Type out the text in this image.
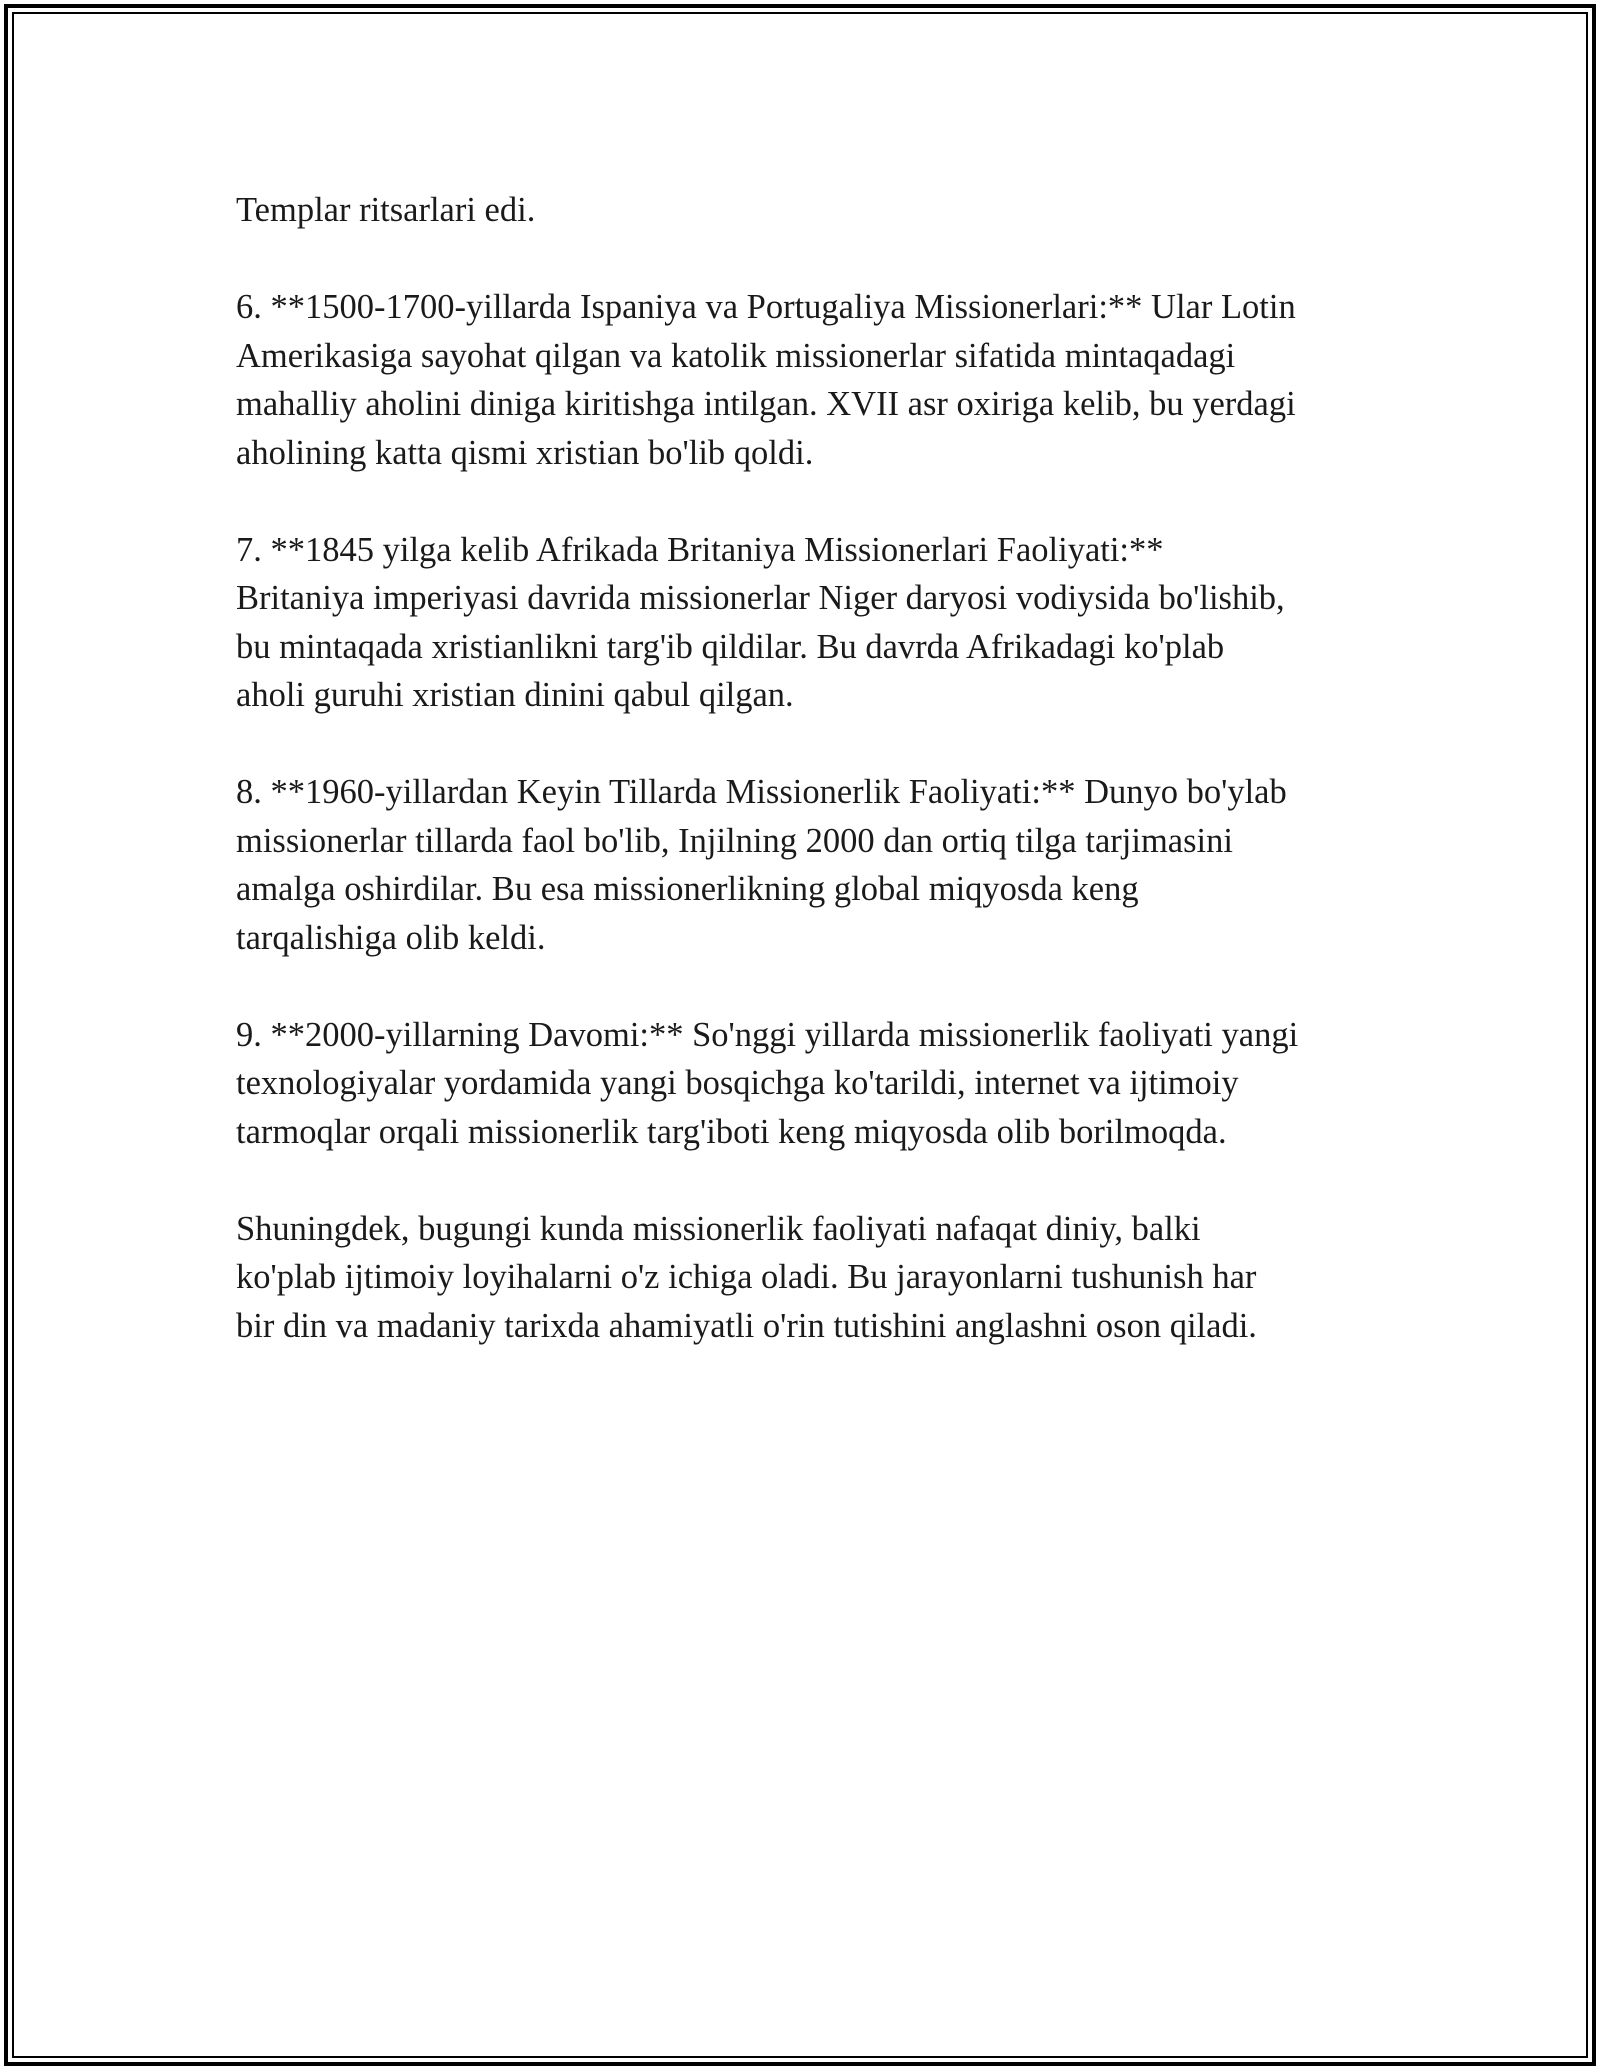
Templar ritsarlari edi.

6. **1500-1700-yillarda Ispaniya va Portugaliya Missionerlari:** Ular Lotin
Amerikasiga sayohat qilgan va katolik missionerlar sifatida mintaqadagi
mahalliy aholini diniga kiritishga intilgan. XVII asr oxiriga kelib, bu yerdagi
aholining katta qismi xristian bo'lib qoldi.

7. **1845 yilga kelib Afrikada Britaniya Missionerlari Faoliyati:**
Britaniya imperiyasi davrida missionerlar Niger daryosi vodiysida bo'lishib,
bu mintaqada xristianlikni targ'ib qildilar. Bu davrda Afrikadagi ko'plab
aholi guruhi xristian dinini qabul qilgan.

8. **1960-yillardan Keyin Tillarda Missionerlik Faoliyati:** Dunyo bo'ylab
missionerlar tillarda faol bo'lib, Injilning 2000 dan ortiq tilga tarjimasini
amalga oshirdilar. Bu esa missionerlikning global miqyosda keng
tarqalishiga olib keldi.

9. **2000-yillarning Davomi:** So'nggi yillarda missionerlik faoliyati yangi
texnologiyalar yordamida yangi bosqichga ko'tarildi, internet va ijtimoiy
tarmoqlar orqali missionerlik targ'iboti keng miqyosda olib borilmoqda.

Shuningdek, bugungi kunda missionerlik faoliyati nafaqat diniy, balki
ko'plab ijtimoiy loyihalarni o'z ichiga oladi. Bu jarayonlarni tushunish har
bir din va madaniy tarixda ahamiyatli o'rin tutishini anglashni oson qiladi.
